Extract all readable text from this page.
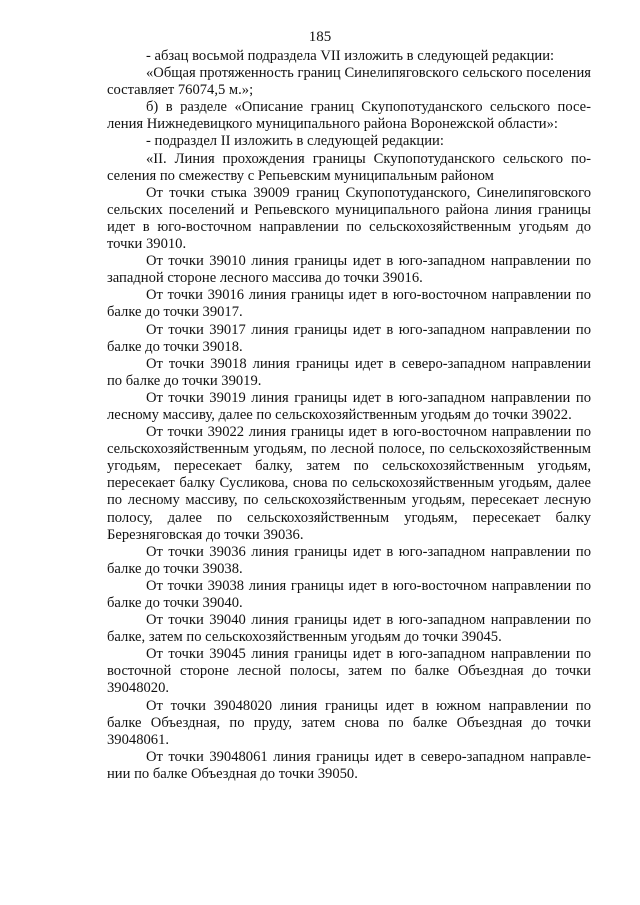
185

- абзац восьмой подраздела VII изложить в следующей редакции:

«Общая протяженность границ Синелипяговского сельского поселения составляет 76074,5 м.»;

б) в разделе «Описание границ Скупопотуданского сельского поселения Нижнедевицкого муниципального района Воронежской области»:

- подраздел II изложить в следующей редакции:

«II. Линия прохождения границы Скупопотуданского сельского поселения по смежеству с Репьевским муниципальным районом

От точки стыка 39009 границ Скупопотуданского, Синелипяговского сельских поселений и Репьевского муниципального района линия границы идет в юго-восточном направлении по сельскохозяйственным угодьям до точки 39010.

От точки 39010 линия границы идет в юго-западном направлении по западной стороне лесного массива до точки 39016.

От точки 39016 линия границы идет в юго-восточном направлении по балке до точки 39017.

От точки 39017 линия границы идет в юго-западном направлении по балке до точки 39018.

От точки 39018 линия границы идет в северо-западном направлении по балке до точки 39019.

От точки 39019 линия границы идет в юго-западном направлении по лесному массиву, далее по сельскохозяйственным угодьям до точки 39022.

От точки 39022 линия границы идет в юго-восточном направлении по сельскохозяйственным угодьям, по лесной полосе, по сельскохозяйственным угодьям, пересекает балку, затем по сельскохозяйственным угодьям, пересекает балку Сусликова, снова по сельскохозяйственным угодьям, далее по лесному массиву, по сельскохозяйственным угодьям, пересекает лесную полосу, далее по сельскохозяйственным угодьям, пересекает балку Березняговская до точки 39036.

От точки 39036 линия границы идет в юго-западном направлении по балке до точки 39038.

От точки 39038 линия границы идет в юго-восточном направлении по балке до точки 39040.

От точки 39040 линия границы идет в юго-западном направлении по балке, затем по сельскохозяйственным угодьям до точки 39045.

От точки 39045 линия границы идет в юго-западном направлении по восточной стороне лесной полосы, затем по балке Объездная до точки 39048020.

От точки 39048020 линия границы идет в южном направлении по балке Объездная, по пруду, затем снова по балке Объездная до точки 39048061.

От точки 39048061 линия границы идет в северо-западном направлении по балке Объездная до точки 39050.
